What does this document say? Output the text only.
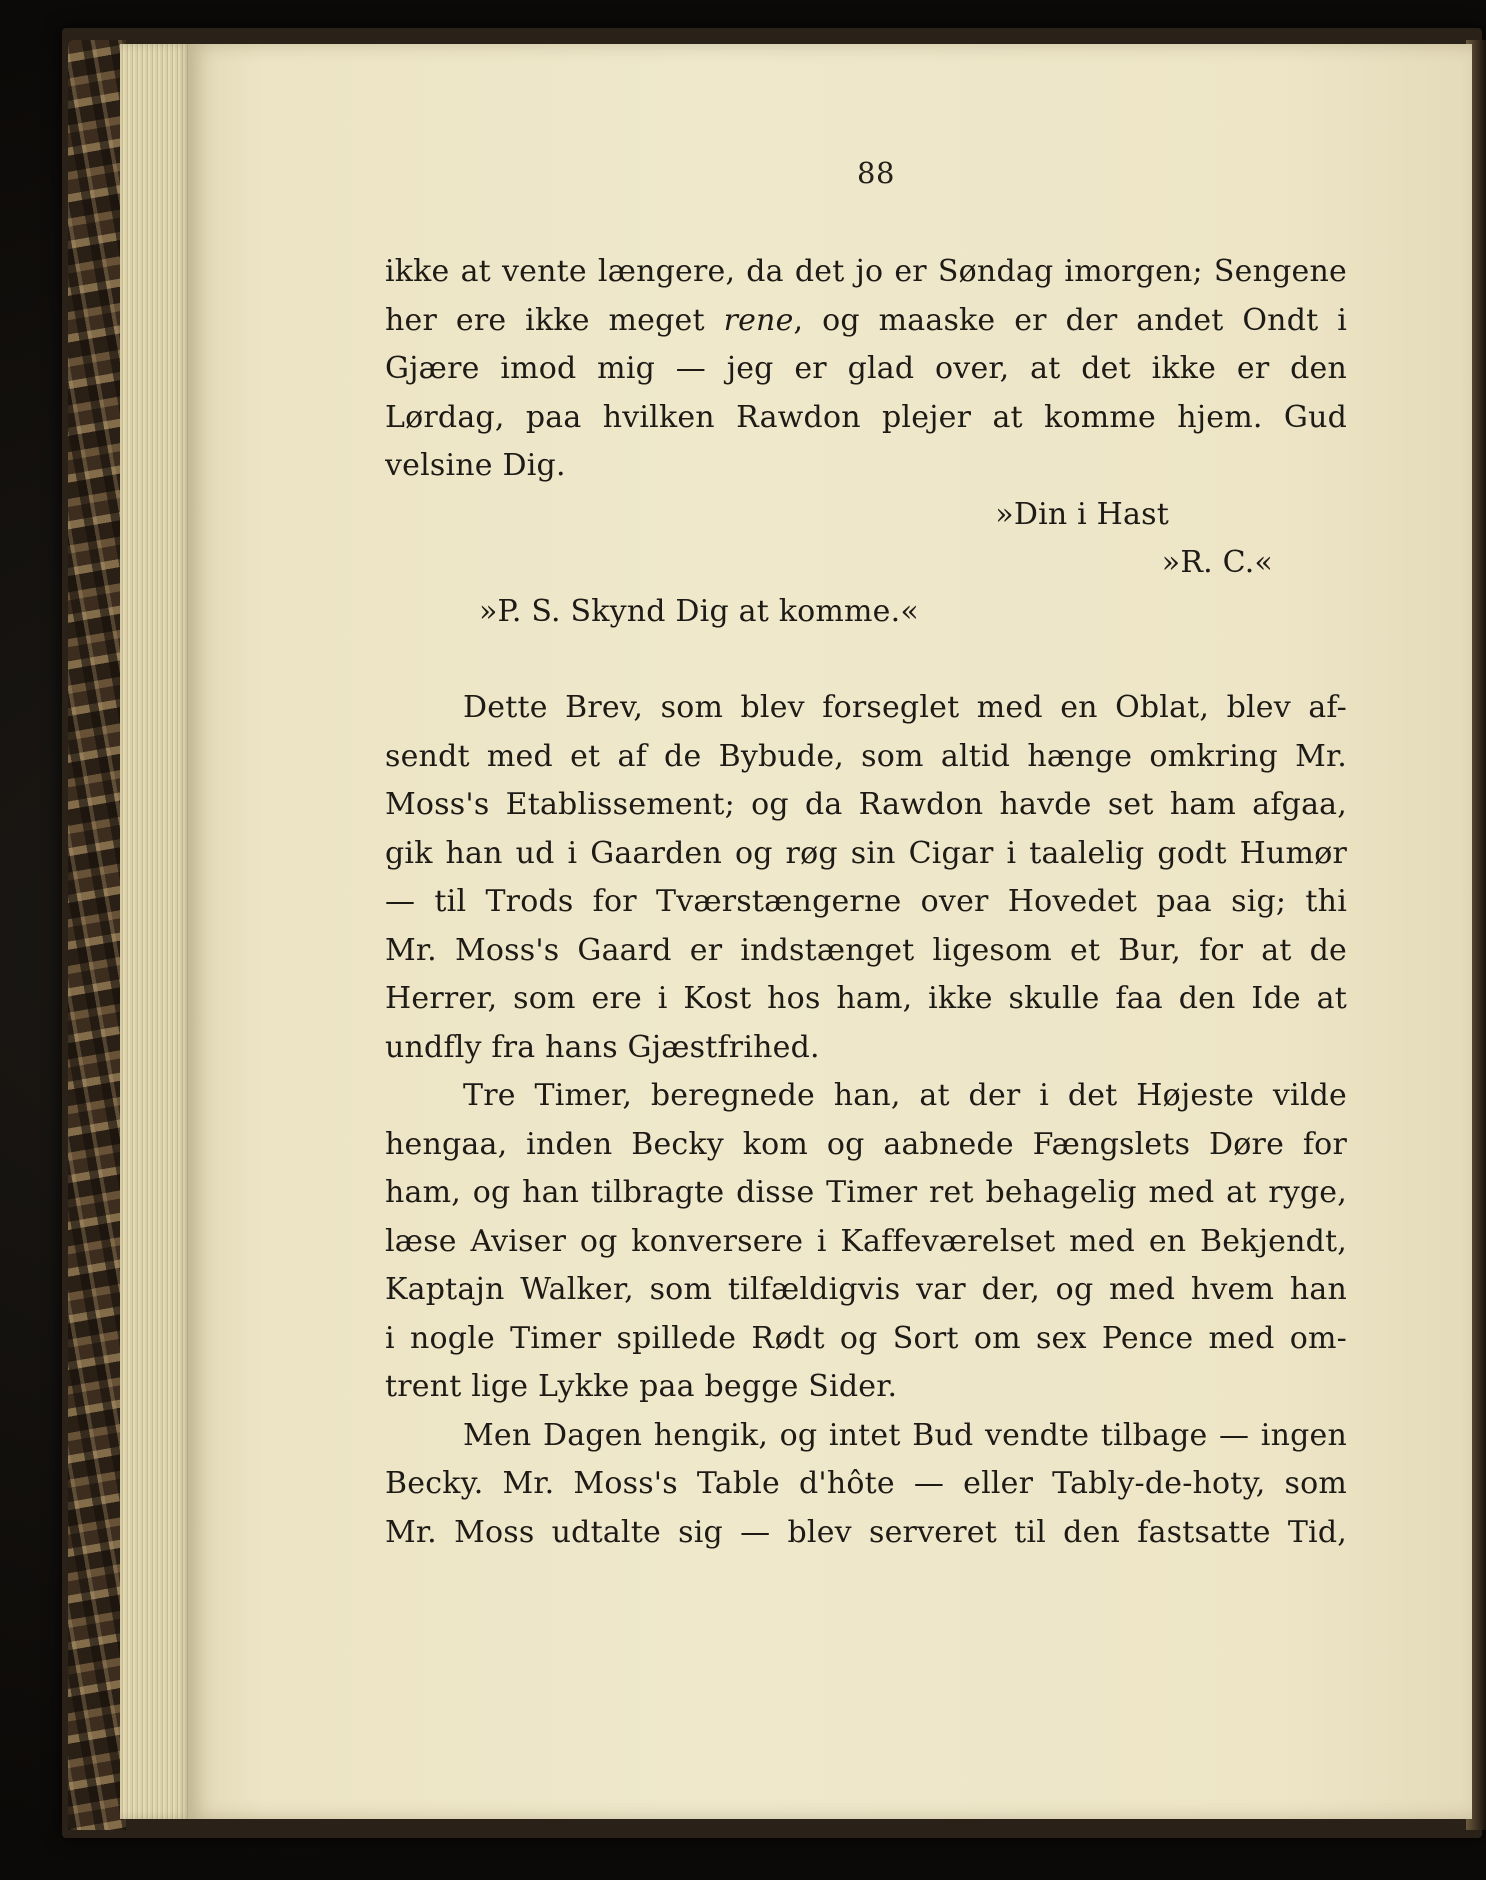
88
ikke at vente længere, da det jo er Søndag imorgen; Sengene
her ere ikke meget rene, og maaske er der andet Ondt i
Gjære imod mig — jeg er glad over, at det ikke er den
Lørdag, paa hvilken Rawdon plejer at komme hjem. Gud
velsine Dig.
»Din i Hast
»R. C.«
»P. S. Skynd Dig at komme.«
Dette Brev, som blev forseglet med en Oblat, blev af-
sendt med et af de Bybude, som altid hænge omkring Mr.
Moss's Etablissement; og da Rawdon havde set ham afgaa,
gik han ud i Gaarden og røg sin Cigar i taalelig godt Humør
— til Trods for Tværstængerne over Hovedet paa sig; thi
Mr. Moss's Gaard er indstænget ligesom et Bur, for at de
Herrer, som ere i Kost hos ham, ikke skulle faa den Ide at
undfly fra hans Gjæstfrihed.
Tre Timer, beregnede han, at der i det Højeste vilde
hengaa, inden Becky kom og aabnede Fængslets Døre for
ham, og han tilbragte disse Timer ret behagelig med at ryge,
læse Aviser og konversere i Kaffeværelset med en Bekjendt,
Kaptajn Walker, som tilfældigvis var der, og med hvem han
i nogle Timer spillede Rødt og Sort om sex Pence med om-
trent lige Lykke paa begge Sider.
Men Dagen hengik, og intet Bud vendte tilbage — ingen
Becky. Mr. Moss's Table d'hôte — eller Tably-de-hoty, som
Mr. Moss udtalte sig — blev serveret til den fastsatte Tid,
